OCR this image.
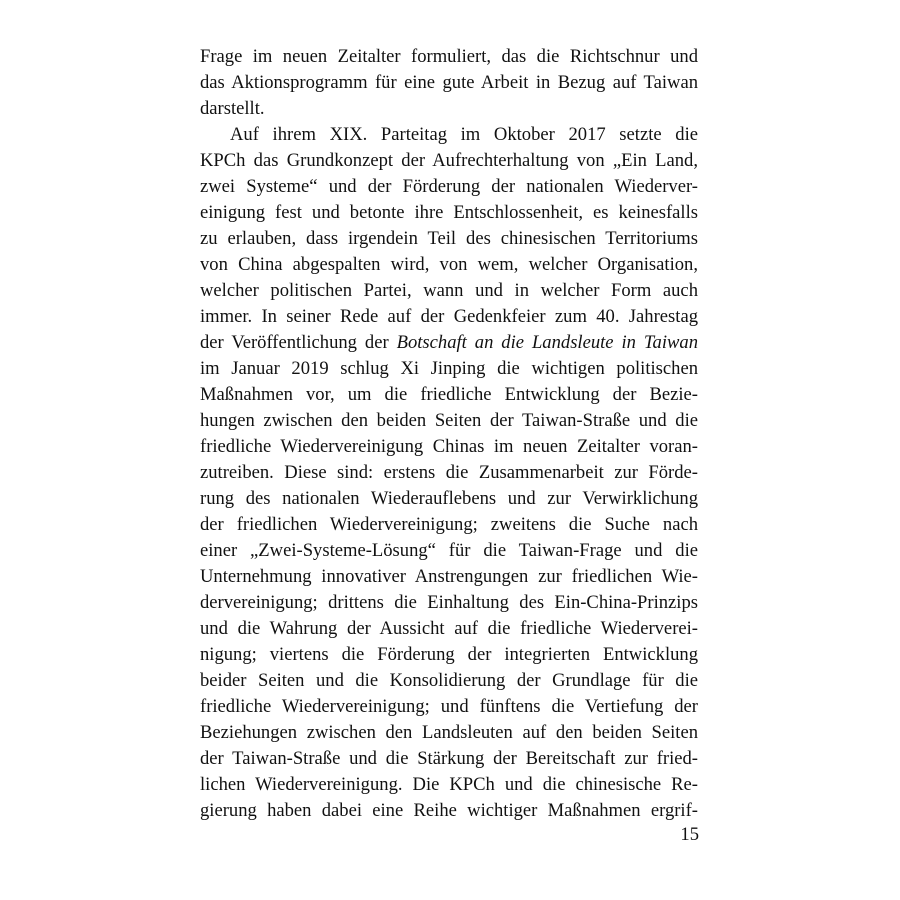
Frage im neuen Zeitalter formuliert, das die Richtschnur und
das Aktionsprogramm für eine gute Arbeit in Bezug auf Taiwan
darstellt.
Auf ihrem XIX. Parteitag im Oktober 2017 setzte die
KPCh das Grundkonzept der Aufrechterhaltung von „Ein Land,
zwei Systeme“ und der Förderung der nationalen Wiederver-
einigung fest und betonte ihre Entschlossenheit, es keinesfalls
zu erlauben, dass irgendein Teil des chinesischen Territoriums
von China abgespalten wird, von wem, welcher Organisation,
welcher politischen Partei, wann und in welcher Form auch
immer. In seiner Rede auf der Gedenkfeier zum 40. Jahrestag
der Veröffentlichung der Botschaft an die Landsleute in Taiwan
im Januar 2019 schlug Xi Jinping die wichtigen politischen
Maßnahmen vor, um die friedliche Entwicklung der Bezie-
hungen zwischen den beiden Seiten der Taiwan-Straße und die
friedliche Wiedervereinigung Chinas im neuen Zeitalter voran-
zutreiben. Diese sind: erstens die Zusammenarbeit zur Förde-
rung des nationalen Wiederauflebens und zur Verwirklichung
der friedlichen Wiedervereinigung; zweitens die Suche nach
einer „Zwei-Systeme-Lösung“ für die Taiwan-Frage und die
Unternehmung innovativer Anstrengungen zur friedlichen Wie-
dervereinigung; drittens die Einhaltung des Ein-China-Prinzips
und die Wahrung der Aussicht auf die friedliche Wiederverei-
nigung; viertens die Förderung der integrierten Entwicklung
beider Seiten und die Konsolidierung der Grundlage für die
friedliche Wiedervereinigung; und fünftens die Vertiefung der
Beziehungen zwischen den Landsleuten auf den beiden Seiten
der Taiwan-Straße und die Stärkung der Bereitschaft zur fried-
lichen Wiedervereinigung. Die KPCh und die chinesische Re-
gierung haben dabei eine Reihe wichtiger Maßnahmen ergrif-
15
